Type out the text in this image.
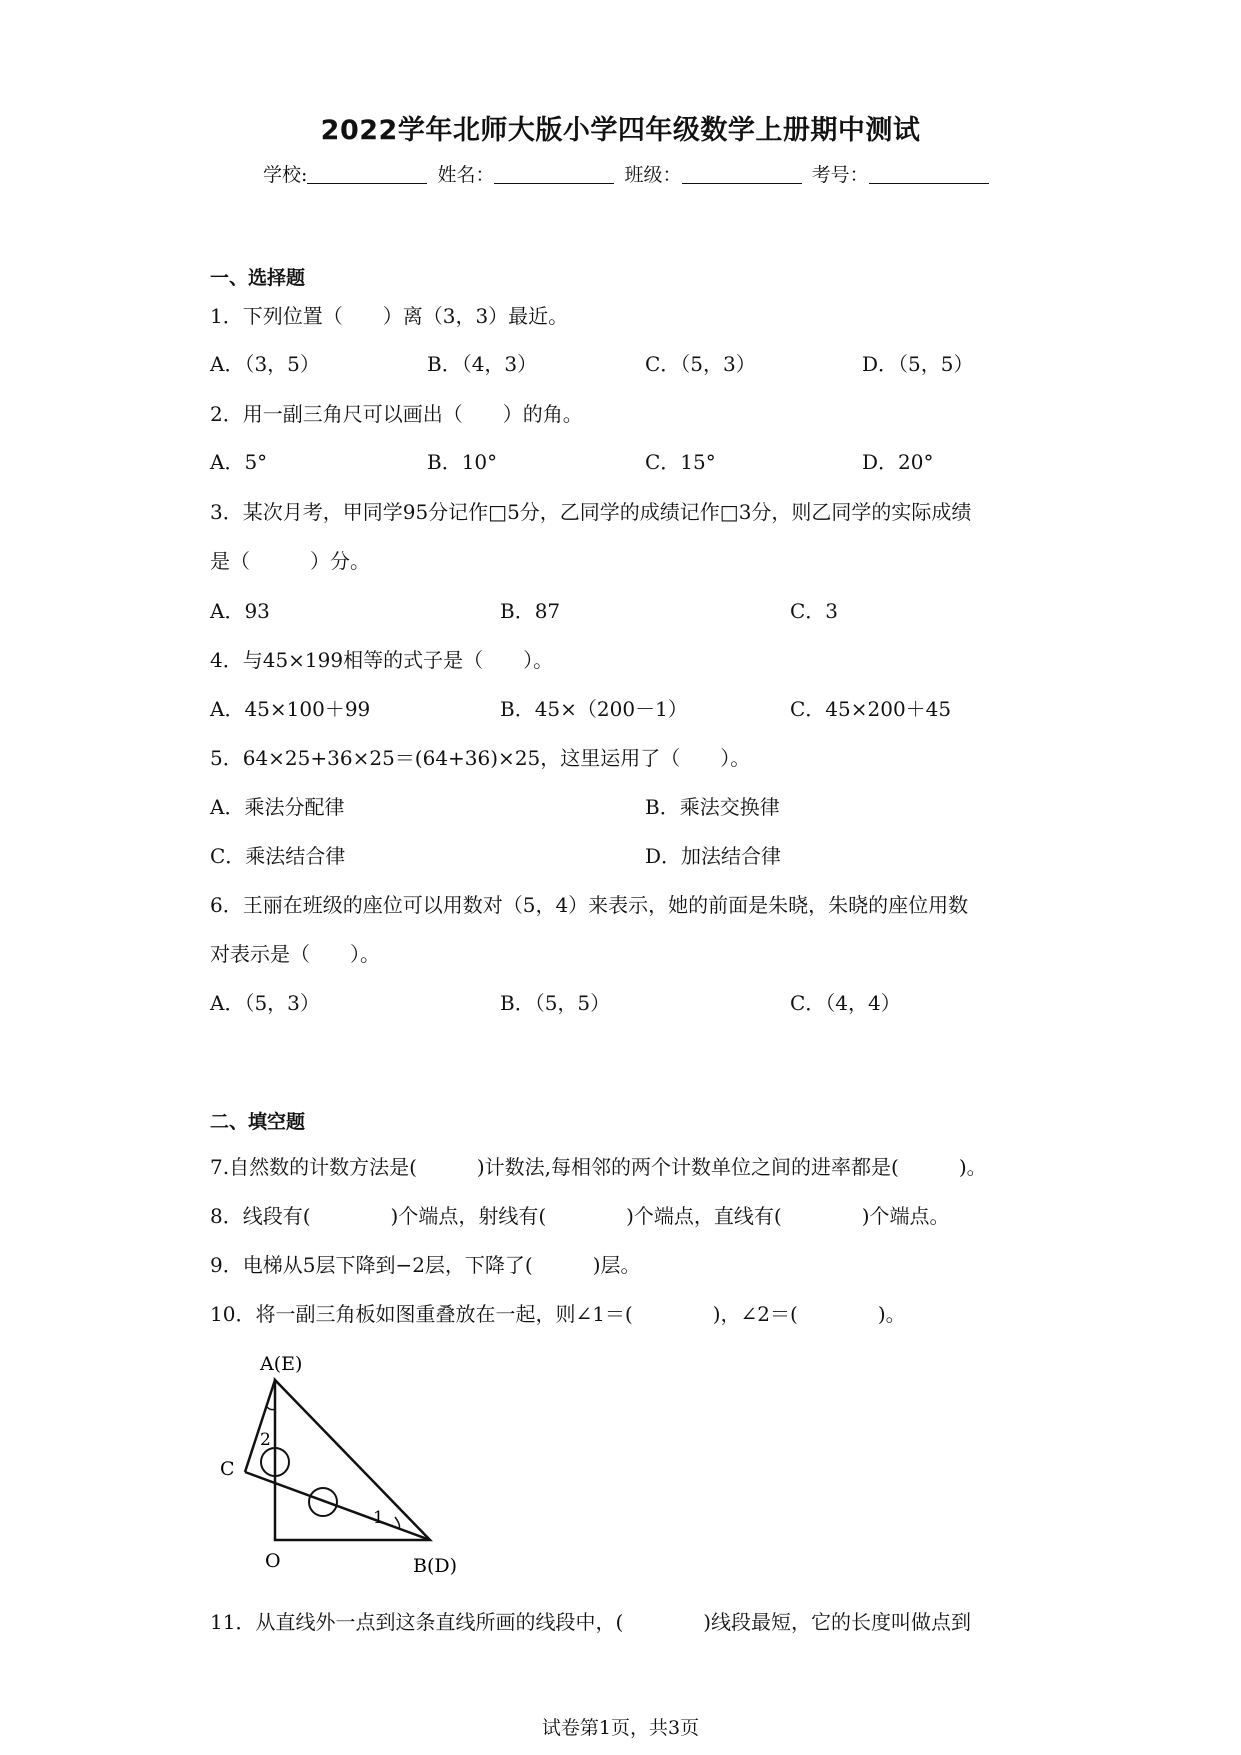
2022学年北师大版小学四年级数学上册期中测试
学校:	姓名：	班级：	考号：
一、选择题
1．下列位置（　　）离（3，3）最近。
A．（3，5）	B．（4，3）	C．（5，3）	D．（5，5）
2．用一副三角尺可以画出（　　）的角。
A．5°	B．10°	C．15°	D．20°
3．某次月考，甲同学95分记作□5分，乙同学的成绩记作□3分，则乙同学的实际成绩
是（　　　）分。
A．93	B．87	C．3
4．与45×199相等的式子是（　　）。
A．45×100＋99	B．45×（200－1）	C．45×200＋45
5．64×25+36×25＝(64+36)×25，这里运用了（　　）。
A．乘法分配律	B．乘法交换律
C．乘法结合律	D．加法结合律
6．王丽在班级的座位可以用数对（5，4）来表示，她的前面是朱晓，朱晓的座位用数
对表示是（　　）。
A．（5，3）	B．（5，5）	C．（4，4）
二、填空题
7.自然数的计数方法是(　　　)计数法,每相邻的两个计数单位之间的进率都是(　　　)。
8．线段有(　　　　)个端点，射线有(　　　　)个端点，直线有(　　　　)个端点。
9．电梯从5层下降到−2层，下降了(　　　)层。
10．将一副三角板如图重叠放在一起，则∠1＝(　　　　)，∠2＝(　　　　)。
A(E)
C
O	B(D)
1
2
11．从直线外一点到这条直线所画的线段中，(　　　　)线段最短，它的长度叫做点到
试卷第1页，共3页
